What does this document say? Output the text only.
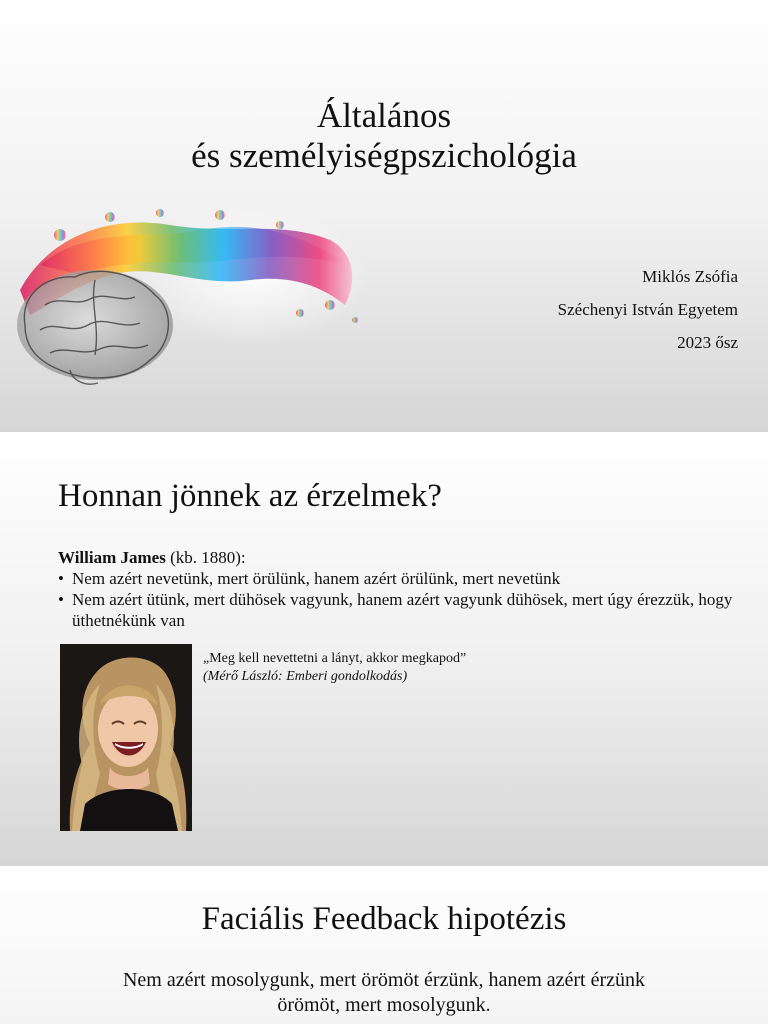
Általános
és személyiségpszichológia
Miklós Zsófia
Széchenyi István Egyetem
2023 ősz
Honnan jönnek az érzelmek?
William James (kb. 1880):
• Nem azért nevetünk, mert örülünk, hanem azért örülünk, mert nevetünk
• Nem azért ütünk, mert dühösek vagyunk, hanem azért vagyunk dühösek, mert úgy érezzük, hogy üthetnékünk van
„Meg kell nevettetni a lányt, akkor megkapod”
(Mérő László: Emberi gondolkodás)
Faciális Feedback hipotézis
Nem azért mosolygunk, mert örömöt érzünk, hanem azért érzünk
örömöt, mert mosolygunk.
